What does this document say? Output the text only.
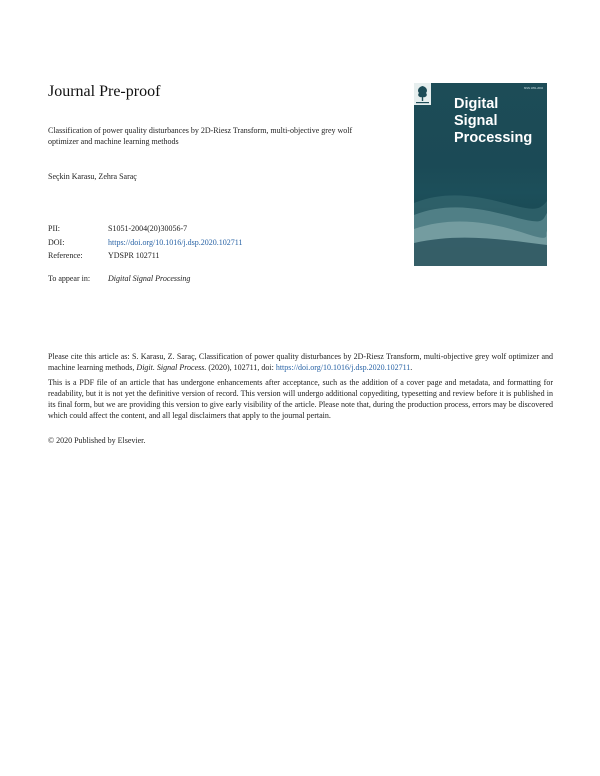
Journal Pre-proof
Classification of power quality disturbances by 2D-Riesz Transform, multi-objective grey wolf optimizer and machine learning methods
Seçkin Karasu, Zehra Saraç
PII:	S1051-2004(20)30056-7
DOI:	https://doi.org/10.1016/j.dsp.2020.102711
Reference:	YDSPR 102711
To appear in:	Digital Signal Processing
Please cite this article as: S. Karasu, Z. Saraç, Classification of power quality disturbances by 2D-Riesz Transform, multi-objective grey wolf optimizer and machine learning methods, Digit. Signal Process. (2020), 102711, doi: https://doi.org/10.1016/j.dsp.2020.102711.
This is a PDF file of an article that has undergone enhancements after acceptance, such as the addition of a cover page and metadata, and formatting for readability, but it is not yet the definitive version of record. This version will undergo additional copyediting, typesetting and review before it is published in its final form, but we are providing this version to give early visibility of the article. Please note that, during the production process, errors may be discovered which could affect the content, and all legal disclaimers that apply to the journal pertain.
© 2020 Published by Elsevier.
ISSN 1051-2004
Digital
Signal
Processing
